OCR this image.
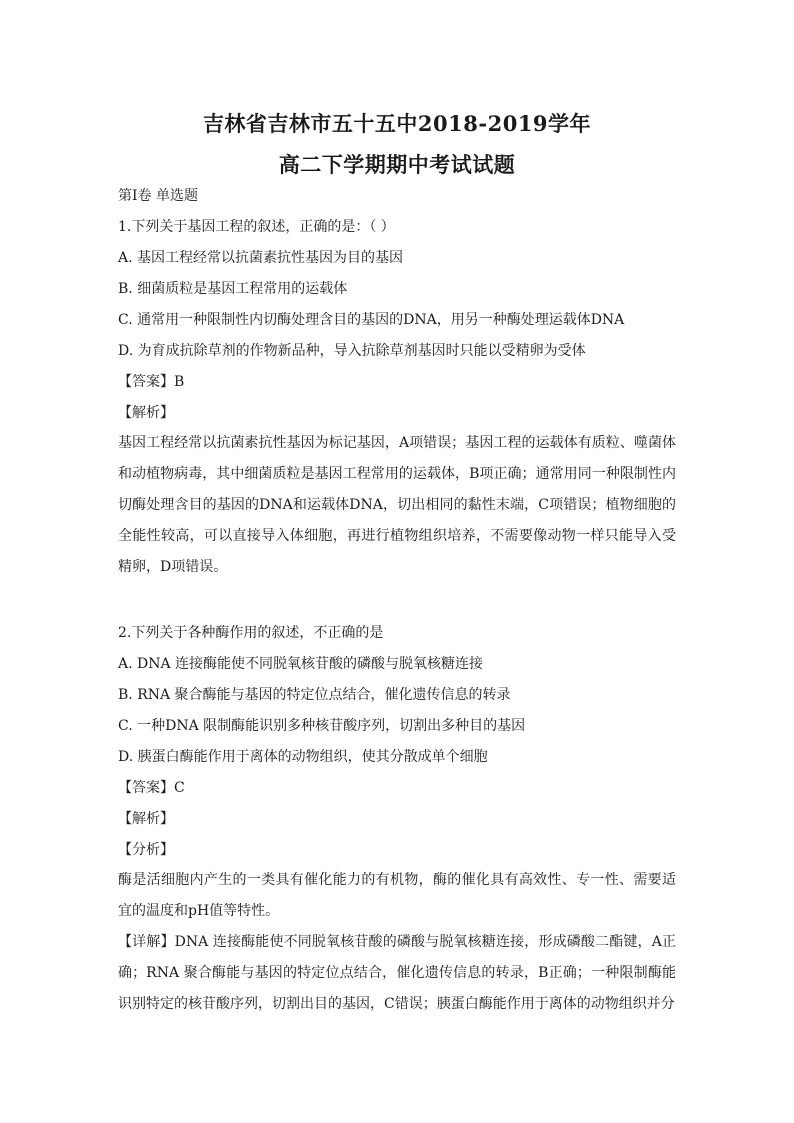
吉林省吉林市五十五中2018-2019学年
高二下学期期中考试试题
第I卷 单选题
1.下列关于基因工程的叙述，正确的是：（ ）
A. 基因工程经常以抗菌素抗性基因为目的基因
B. 细菌质粒是基因工程常用的运载体
C. 通常用一种限制性内切酶处理含目的基因的DNA，用另一种酶处理运载体DNA
D. 为育成抗除草剂的作物新品种，导入抗除草剂基因时只能以受精卵为受体
【答案】B
【解析】
基因工程经常以抗菌素抗性基因为标记基因，A项错误；基因工程的运载体有质粒、噬菌体和动植物病毒，其中细菌质粒是基因工程常用的运载体，B项正确；通常用同一种限制性内切酶处理含目的基因的DNA和运载体DNA，切出相同的黏性末端，C项错误；植物细胞的全能性较高，可以直接导入体细胞，再进行植物组织培养，不需要像动物一样只能导入受精卵，D项错误。
2.下列关于各种酶作用的叙述，不正确的是
A. DNA 连接酶能使不同脱氧核苷酸的磷酸与脱氧核糖连接
B. RNA 聚合酶能与基因的特定位点结合，催化遗传信息的转录
C. 一种DNA 限制酶能识别多种核苷酸序列，切割出多种目的基因
D. 胰蛋白酶能作用于离体的动物组织，使其分散成单个细胞
【答案】C
【解析】
【分析】
酶是活细胞内产生的一类具有催化能力的有机物，酶的催化具有高效性、专一性、需要适宜的温度和pH值等特性。
【详解】DNA 连接酶能使不同脱氧核苷酸的磷酸与脱氧核糖连接，形成磷酸二酯键，A正确；RNA 聚合酶能与基因的特定位点结合，催化遗传信息的转录，B正确；一种限制酶能识别特定的核苷酸序列，切割出目的基因，C错误；胰蛋白酶能作用于离体的动物组织并分
